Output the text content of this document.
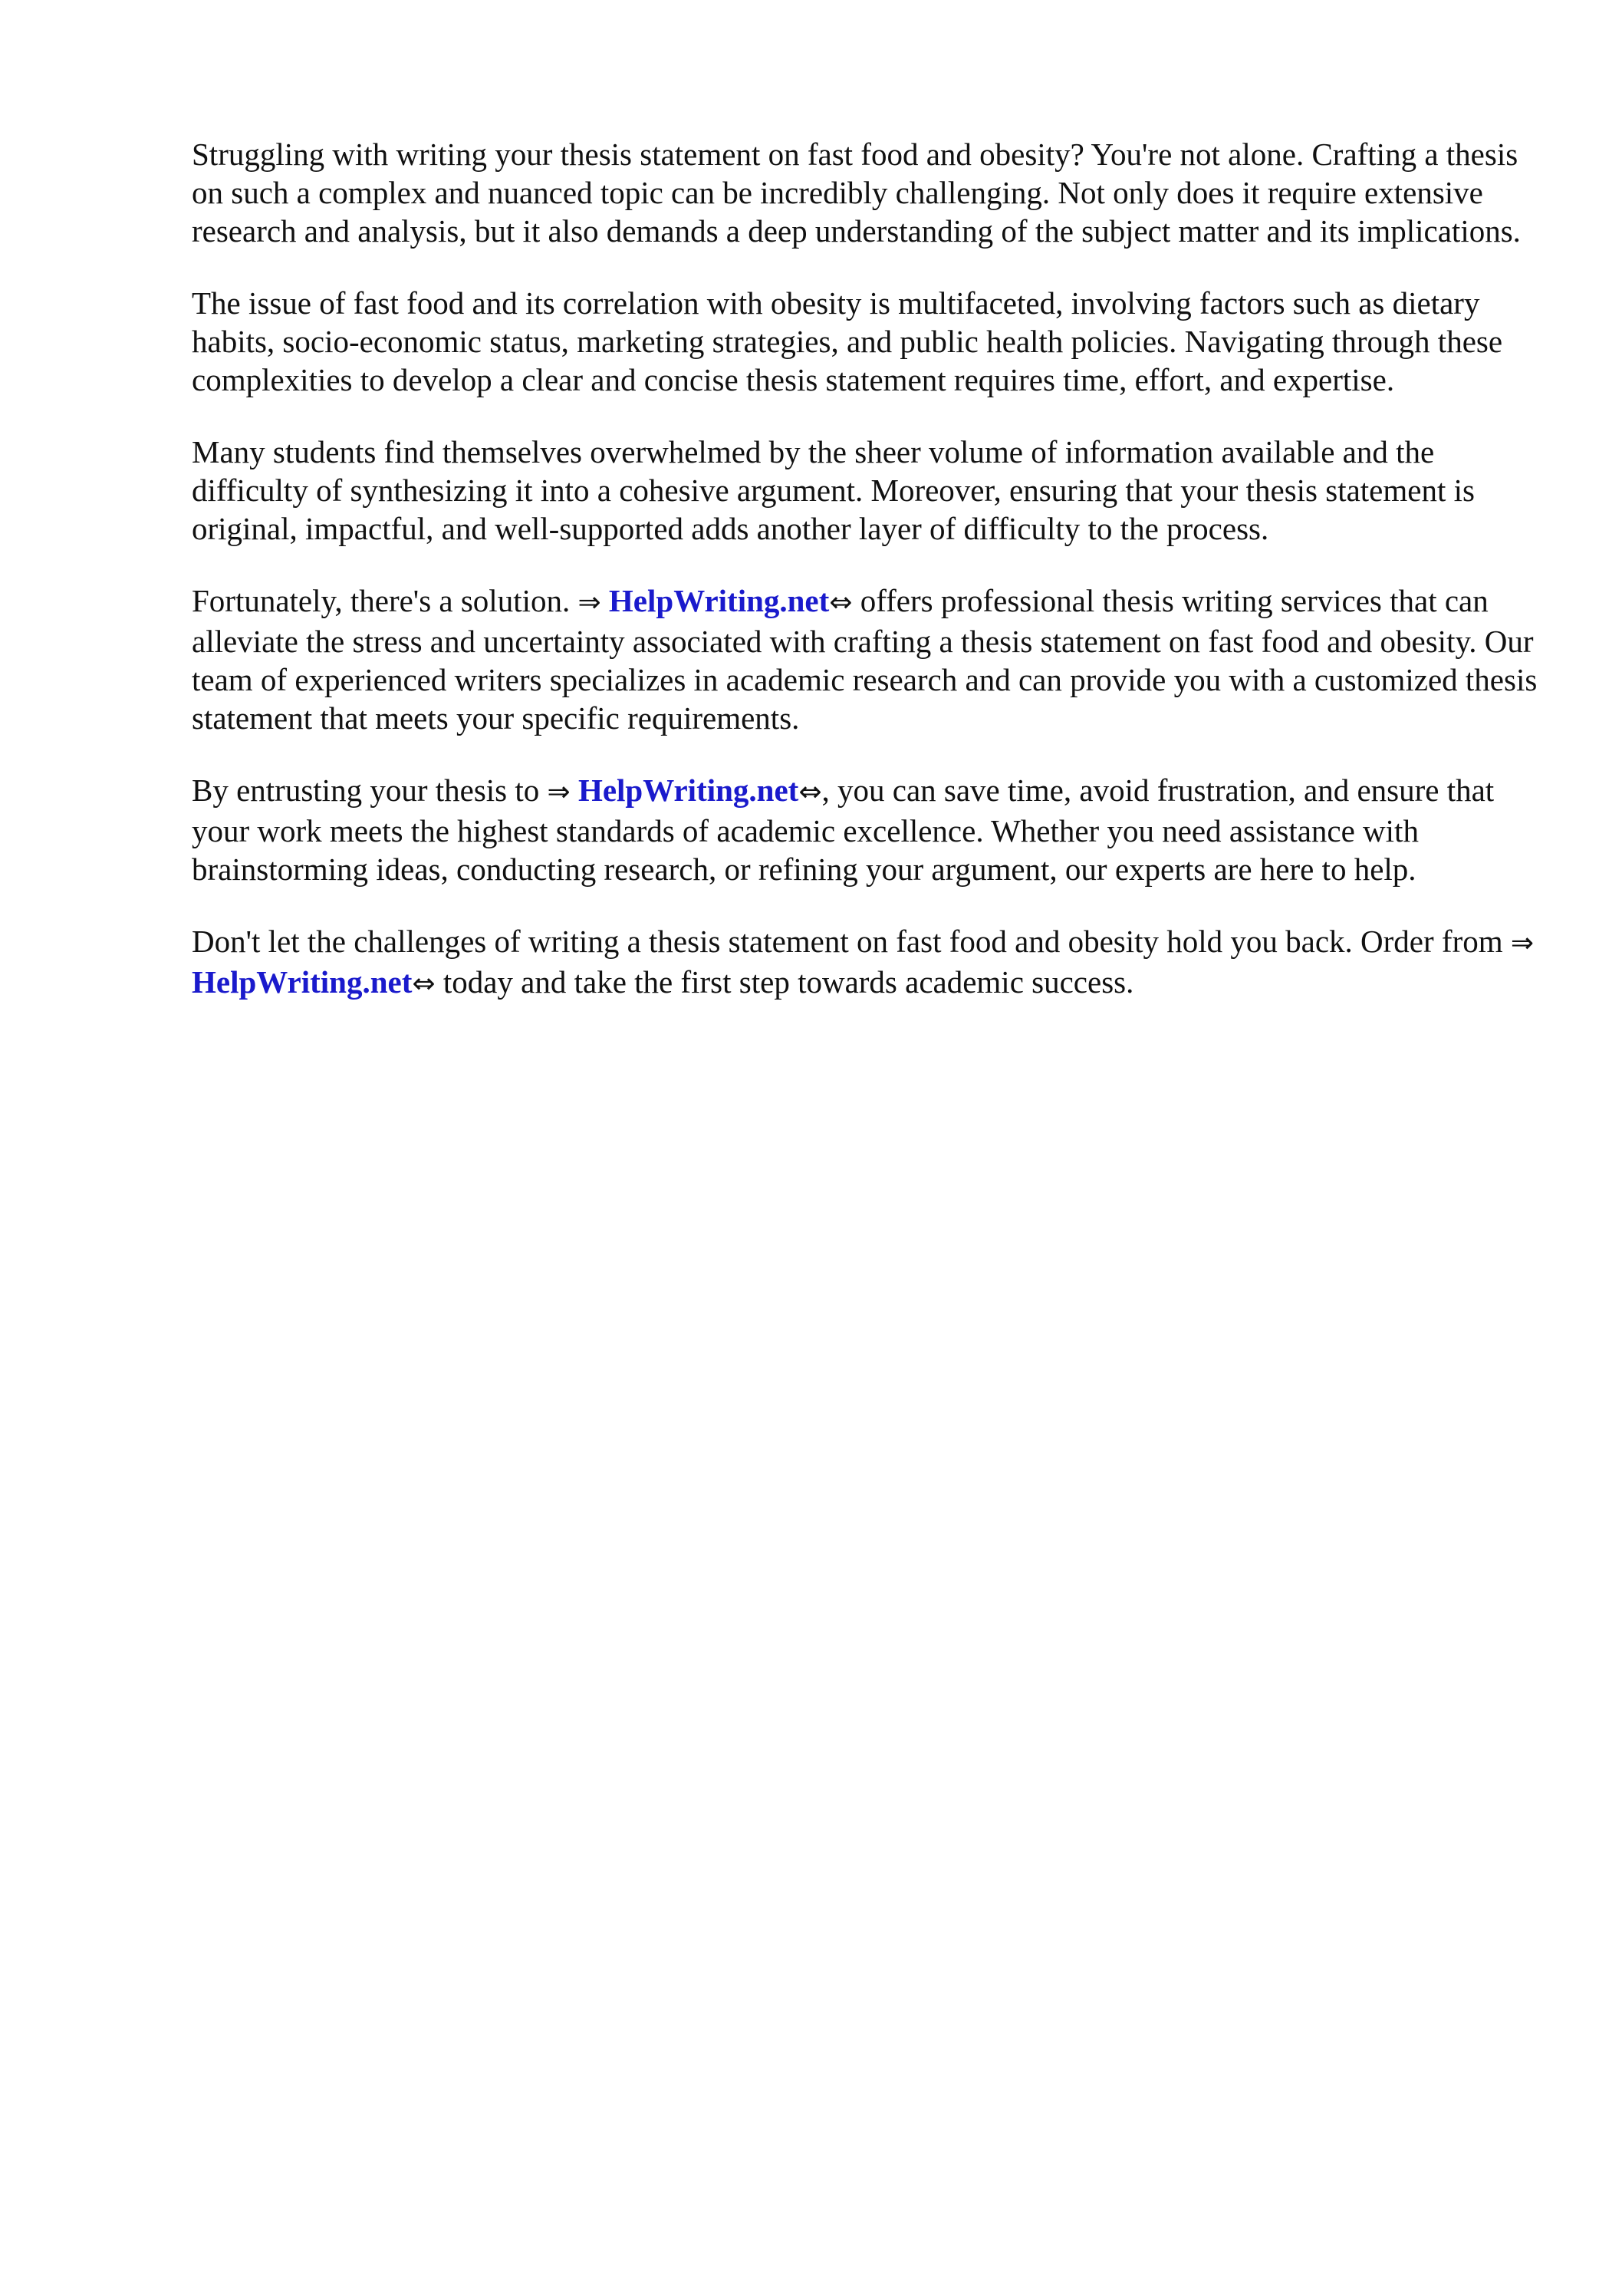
Struggling with writing your thesis statement on fast food and obesity? You're not alone. Crafting a thesis on such a complex and nuanced topic can be incredibly challenging. Not only does it require extensive research and analysis, but it also demands a deep understanding of the subject matter and its implications.

The issue of fast food and its correlation with obesity is multifaceted, involving factors such as dietary habits, socio-economic status, marketing strategies, and public health policies. Navigating through these complexities to develop a clear and concise thesis statement requires time, effort, and expertise.

Many students find themselves overwhelmed by the sheer volume of information available and the difficulty of synthesizing it into a cohesive argument. Moreover, ensuring that your thesis statement is original, impactful, and well-supported adds another layer of difficulty to the process.

Fortunately, there's a solution. ⇒ HelpWriting.net⇔ offers professional thesis writing services that can alleviate the stress and uncertainty associated with crafting a thesis statement on fast food and obesity. Our team of experienced writers specializes in academic research and can provide you with a customized thesis statement that meets your specific requirements.

By entrusting your thesis to ⇒ HelpWriting.net⇔, you can save time, avoid frustration, and ensure that your work meets the highest standards of academic excellence. Whether you need assistance with brainstorming ideas, conducting research, or refining your argument, our experts are here to help.

Don't let the challenges of writing a thesis statement on fast food and obesity hold you back. Order from ⇒ HelpWriting.net⇔ today and take the first step towards academic success.
